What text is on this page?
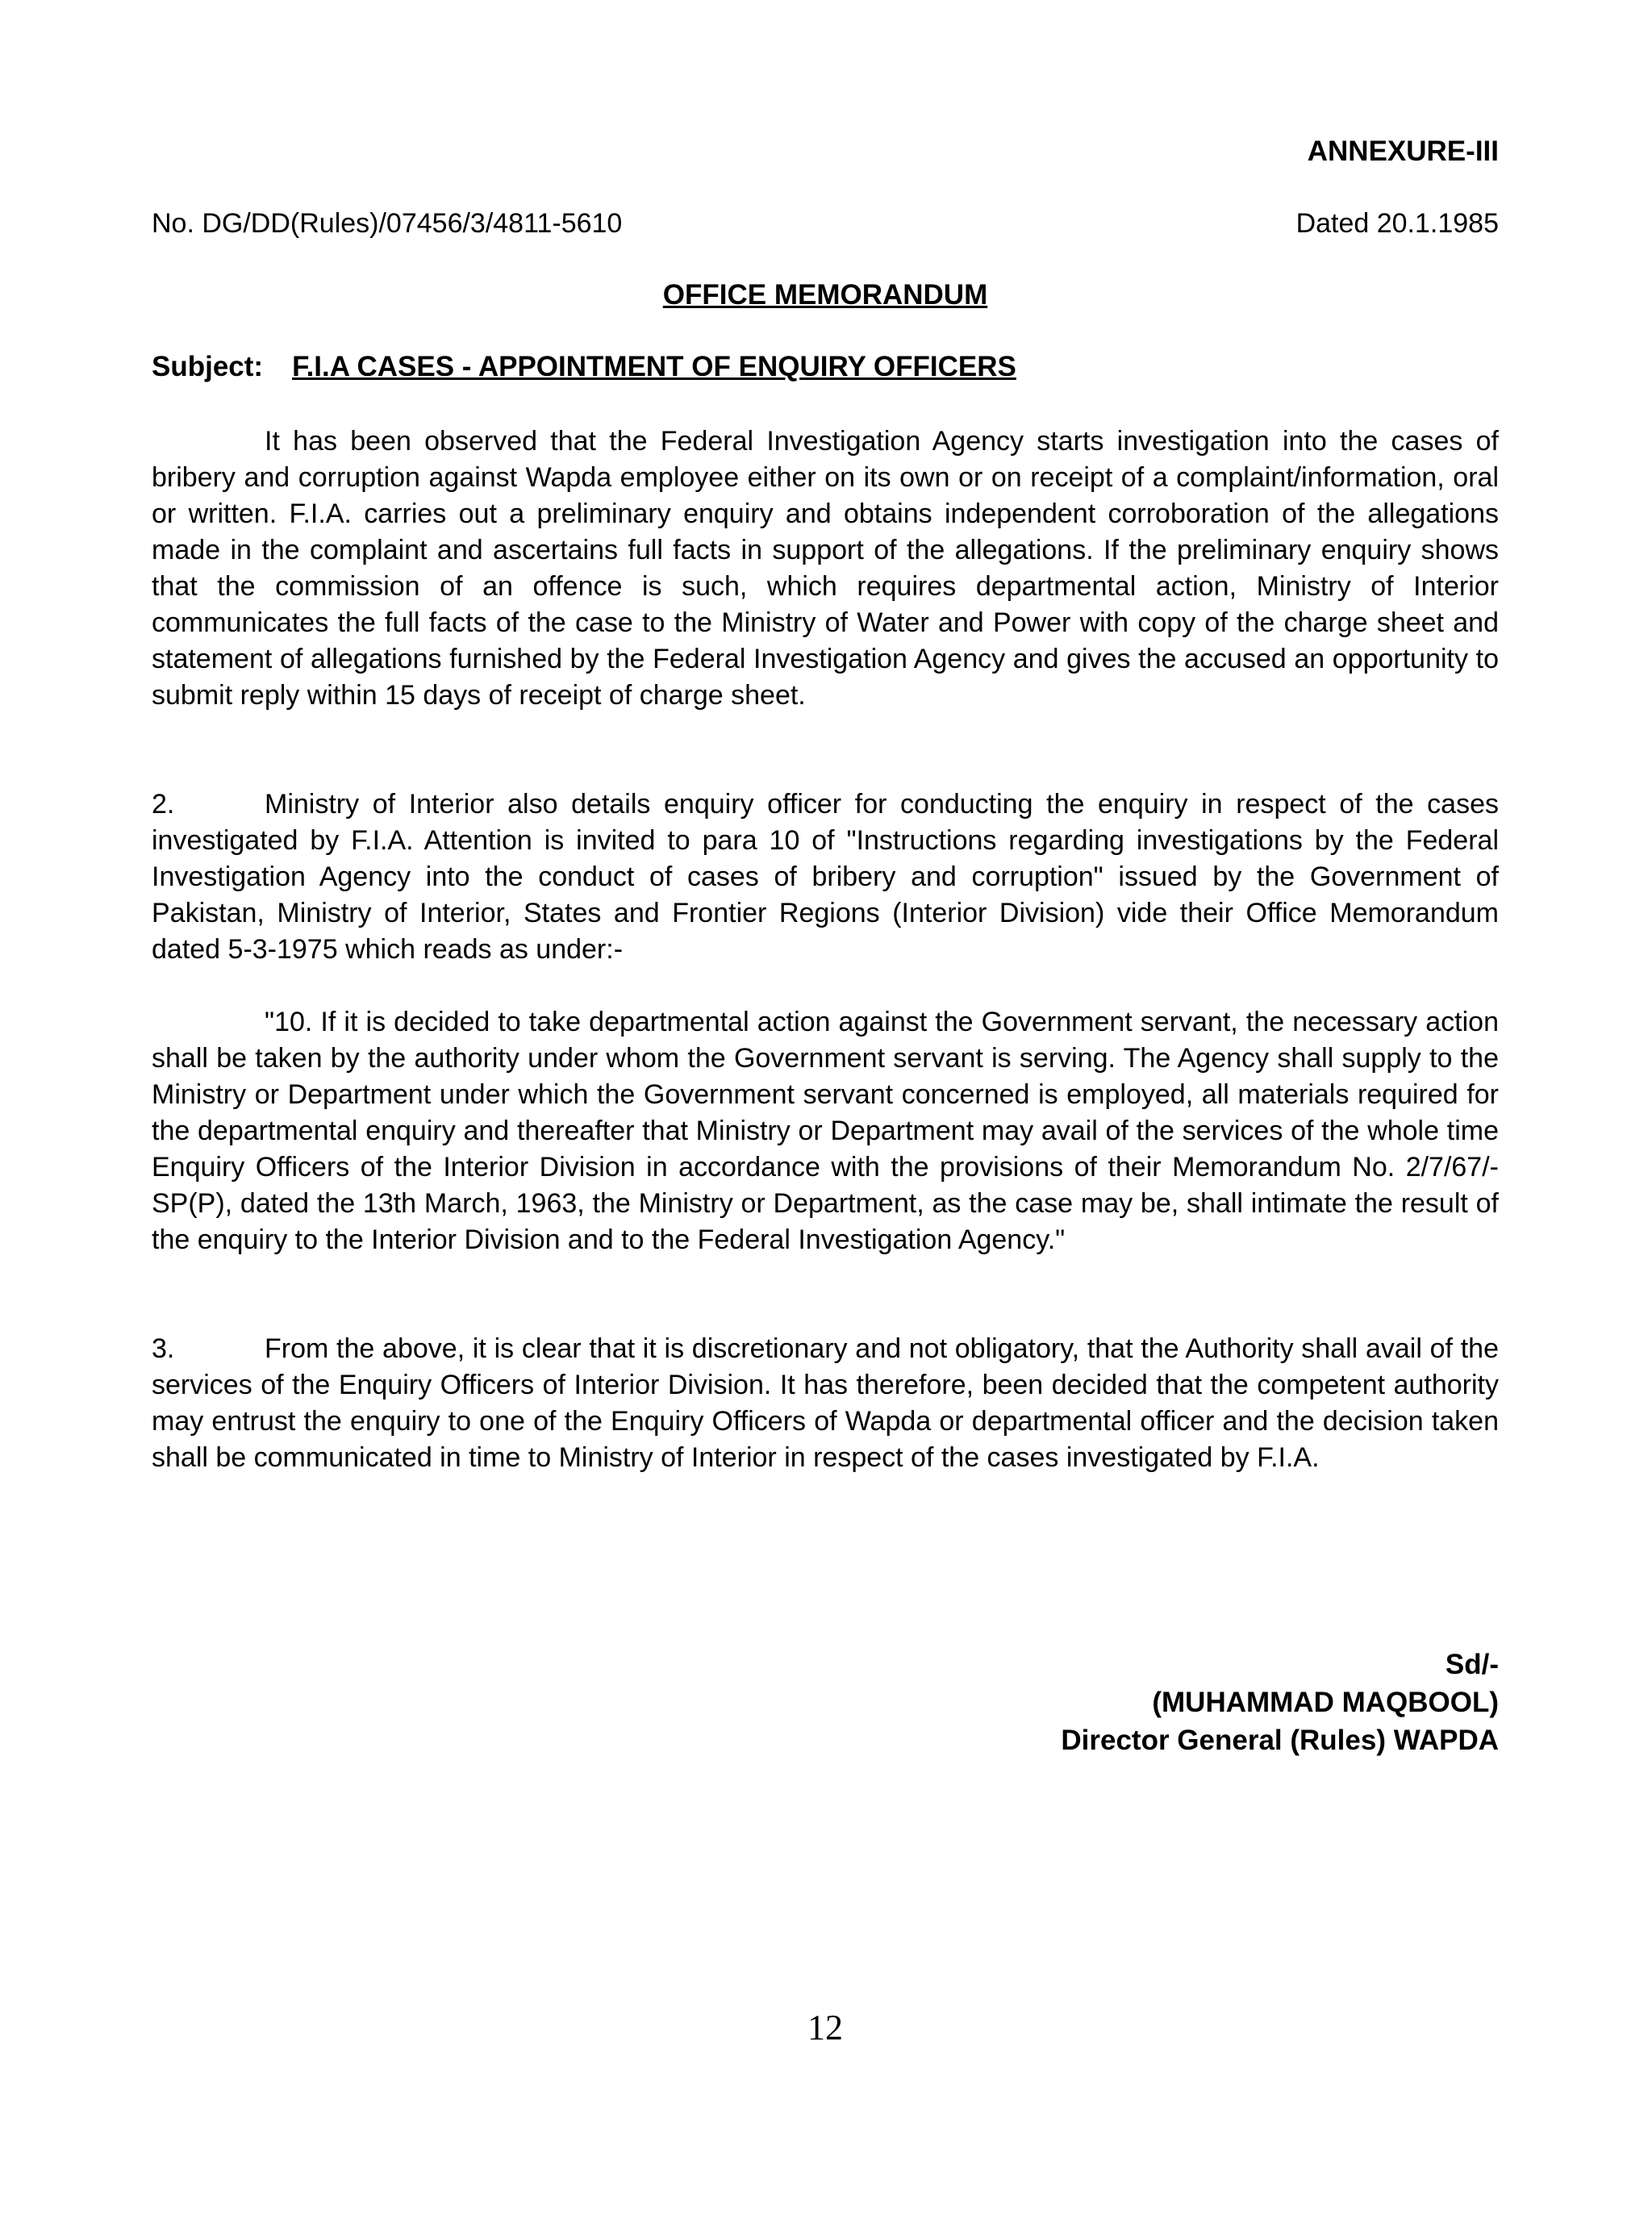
ANNEXURE-III
No. DG/DD(Rules)/07456/3/4811-5610	Dated 20.1.1985
OFFICE MEMORANDUM
Subject: F.I.A CASES - APPOINTMENT OF ENQUIRY OFFICERS
It has been observed that the Federal Investigation Agency starts investigation into the cases of bribery and corruption against Wapda employee either on its own or on receipt of a complaint/information, oral or written. F.I.A. carries out a preliminary enquiry and obtains independent corroboration of the allegations made in the complaint and ascertains full facts in support of the allegations. If the preliminary enquiry shows that the commission of an offence is such, which requires departmental action, Ministry of Interior communicates the full facts of the case to the Ministry of Water and Power with copy of the charge sheet and statement of allegations furnished by the Federal Investigation Agency and gives the accused an opportunity to submit reply within 15 days of receipt of charge sheet.
2.	Ministry of Interior also details enquiry officer for conducting the enquiry in respect of the cases investigated by F.I.A. Attention is invited to para 10 of "Instructions regarding investigations by the Federal Investigation Agency into the conduct of cases of bribery and corruption" issued by the Government of Pakistan, Ministry of Interior, States and Frontier Regions (Interior Division) vide their Office Memorandum dated 5-3-1975 which reads as under:-
"10. If it is decided to take departmental action against the Government servant, the necessary action shall be taken by the authority under whom the Government servant is serving. The Agency shall supply to the Ministry or Department under which the Government servant concerned is employed, all materials required for the departmental enquiry and thereafter that Ministry or Department may avail of the services of the whole time Enquiry Officers of the Interior Division in accordance with the provisions of their Memorandum No. 2/7/67/-SP(P), dated the 13th March, 1963, the Ministry or Department, as the case may be, shall intimate the result of the enquiry to the Interior Division and to the Federal Investigation Agency."
3.	From the above, it is clear that it is discretionary and not obligatory, that the Authority shall avail of the services of the Enquiry Officers of Interior Division. It has therefore, been decided that the competent authority may entrust the enquiry to one of the Enquiry Officers of Wapda or departmental officer and the decision taken shall be communicated in time to Ministry of Interior in respect of the cases investigated by F.I.A.
Sd/-
(MUHAMMAD MAQBOOL)
Director General (Rules) WAPDA
12
